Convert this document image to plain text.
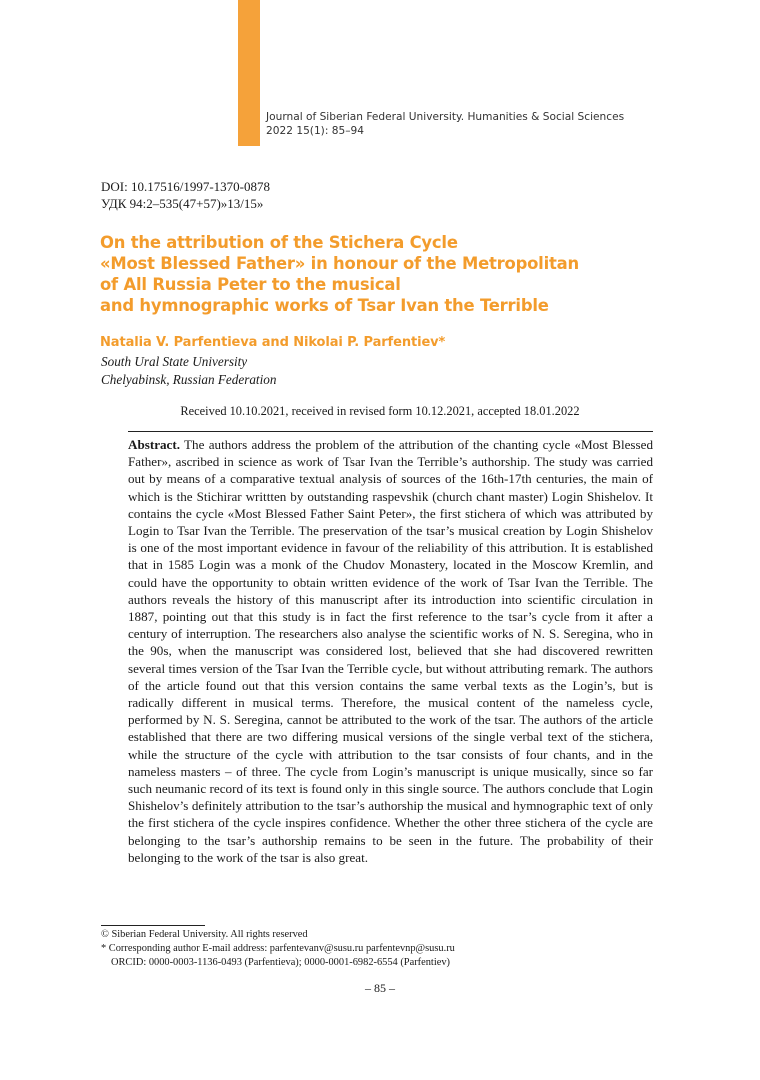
Journal of Siberian Federal University. Humanities & Social Sciences
2022 15(1): 85–94
DOI: 10.17516/1997-1370-0878
УДК 94:2–535(47+57)»13/15»
On the attribution of the Stichera Cycle
«Most Blessed Father» in honour of the Metropolitan
of All Russia Peter to the musical
and hymnographic works of Tsar Ivan the Terrible
Natalia V. Parfentieva and Nikolai P. Parfentiev*
South Ural State University
Chelyabinsk, Russian Federation
Received 10.10.2021, received in revised form 10.12.2021, accepted 18.01.2022
Abstract. The authors address the problem of the attribution of the chanting cycle «Most Blessed Father», ascribed in science as work of Tsar Ivan the Terrible’s authorship. The study was carried out by means of a comparative textual analysis of sources of the 16th-17th centuries, the main of which is the Stichirar writtten by outstanding raspevshik (church chant master) Login Shishelov. It contains the cycle «Most Blessed Father Saint Peter», the first stichera of which was attributed by Login to Tsar Ivan the Terrible. The preservation of the tsar’s musical creation by Login Shishelov is one of the most important evidence in favour of the reliability of this attribution. It is established that in 1585 Login was a monk of the Chudov Monastery, located in the Moscow Kremlin, and could have the opportunity to obtain written evidence of the work of Tsar Ivan the Terrible. The authors reveals the history of this manuscript after its introduction into scientific circulation in 1887, pointing out that this study is in fact the first reference to the tsar’s cycle from it after a century of interruption. The researchers also analyse the scientific works of N. S. Seregina, who in the 90s, when the manuscript was considered lost, believed that she had discovered rewritten several times version of the Tsar Ivan the Terrible cycle, but without attributing remark. The authors of the article found out that this version contains the same verbal texts as the Login’s, but is radically different in musical terms. Therefore, the musical content of the nameless cycle, performed by N. S. Seregina, cannot be attributed to the work of the tsar. The authors of the article established that there are two differing musical versions of the single verbal text of the stichera, while the structure of the cycle with attribution to the tsar consists of four chants, and in the nameless masters – of three. The cycle from Login’s manuscript is unique musically, since so far such neumanic record of its text is found only in this single source. The authors conclude that Login Shishelov’s definitely attribution to the tsar’s authorship the musical and hymnographic text of only the first stichera of the cycle inspires confidence. Whether the other three stichera of the cycle are belonging to the tsar’s authorship remains to be seen in the future. The probability of their belonging to the work of the tsar is also great.
© Siberian Federal University. All rights reserved
* Corresponding author E-mail address: parfentevanv@susu.ru parfentevnp@susu.ru
ORCID: 0000-0003-1136-0493 (Parfentieva); 0000-0001-6982-6554 (Parfentiev)
– 85 –
